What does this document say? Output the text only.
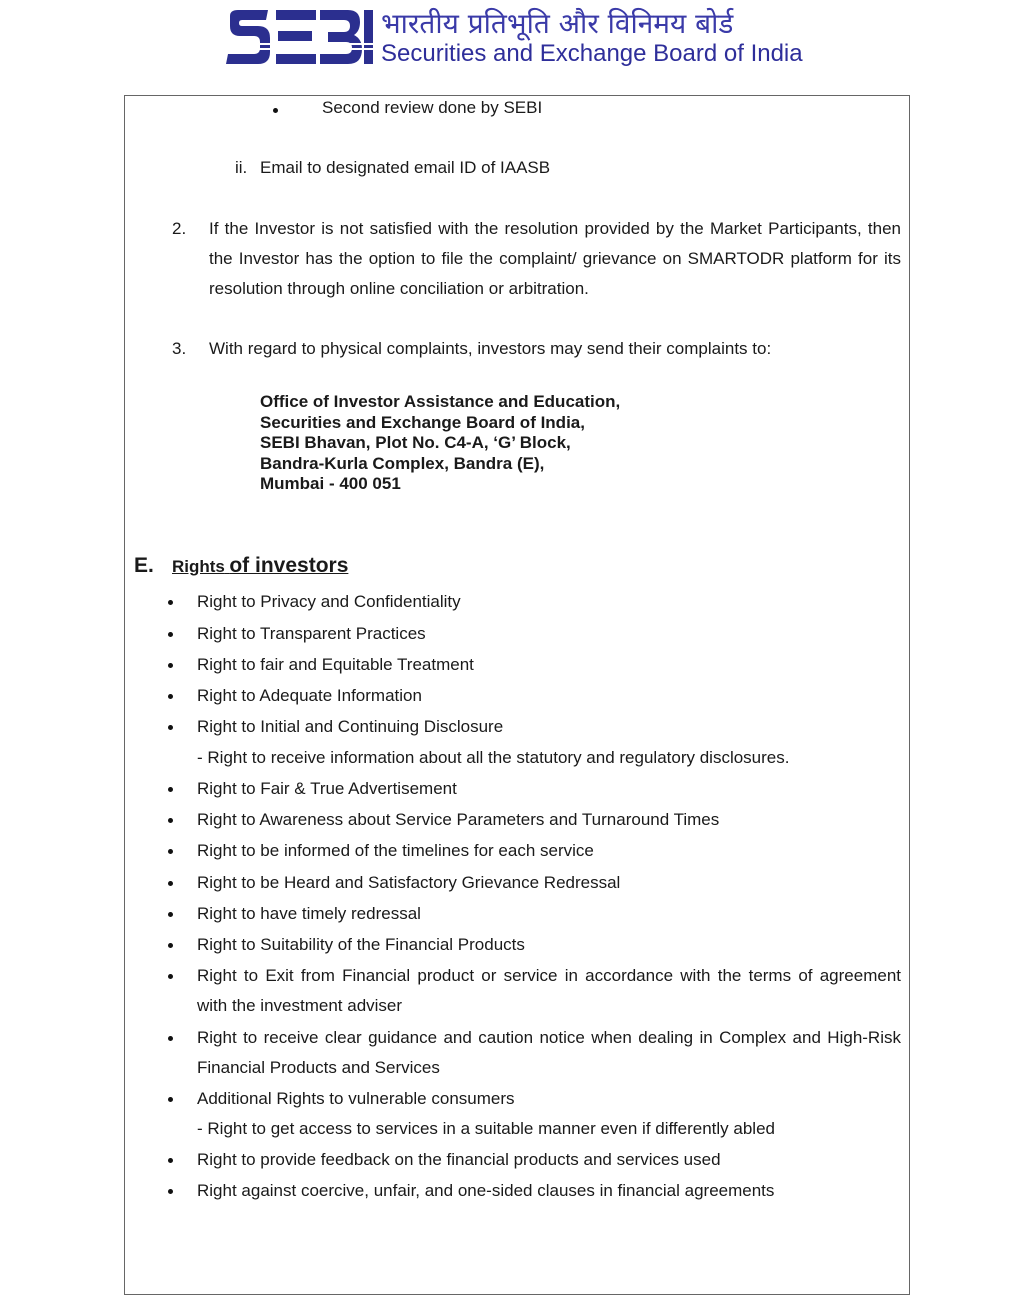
भारतीय प्रतिभूति और विनिमय बोर्ड
Securities and Exchange Board of India
Second review done by SEBI
ii. Email to designated email ID of IAASB
2. If the Investor is not satisfied with the resolution provided by the Market Participants, then
the Investor has the option to file the complaint/ grievance on SMARTODR platform for its
resolution through online conciliation or arbitration.
3. With regard to physical complaints, investors may send their complaints to:
Office of Investor Assistance and Education,
Securities and Exchange Board of India,
SEBI Bhavan, Plot No. C4-A, ‘G’ Block,
Bandra-Kurla Complex, Bandra (E),
Mumbai - 400 051
E. Rights of investors
Right to Privacy and Confidentiality
Right to Transparent Practices
Right to fair and Equitable Treatment
Right to Adequate Information
Right to Initial and Continuing Disclosure
- Right to receive information about all the statutory and regulatory disclosures.
Right to Fair & True Advertisement
Right to Awareness about Service Parameters and Turnaround Times
Right to be informed of the timelines for each service
Right to be Heard and Satisfactory Grievance Redressal
Right to have timely redressal
Right to Suitability of the Financial Products
Right to Exit from Financial product or service in accordance with the terms of agreement
with the investment adviser
Right to receive clear guidance and caution notice when dealing in Complex and High-Risk
Financial Products and Services
Additional Rights to vulnerable consumers
- Right to get access to services in a suitable manner even if differently abled
Right to provide feedback on the financial products and services used
Right against coercive, unfair, and one-sided clauses in financial agreements
